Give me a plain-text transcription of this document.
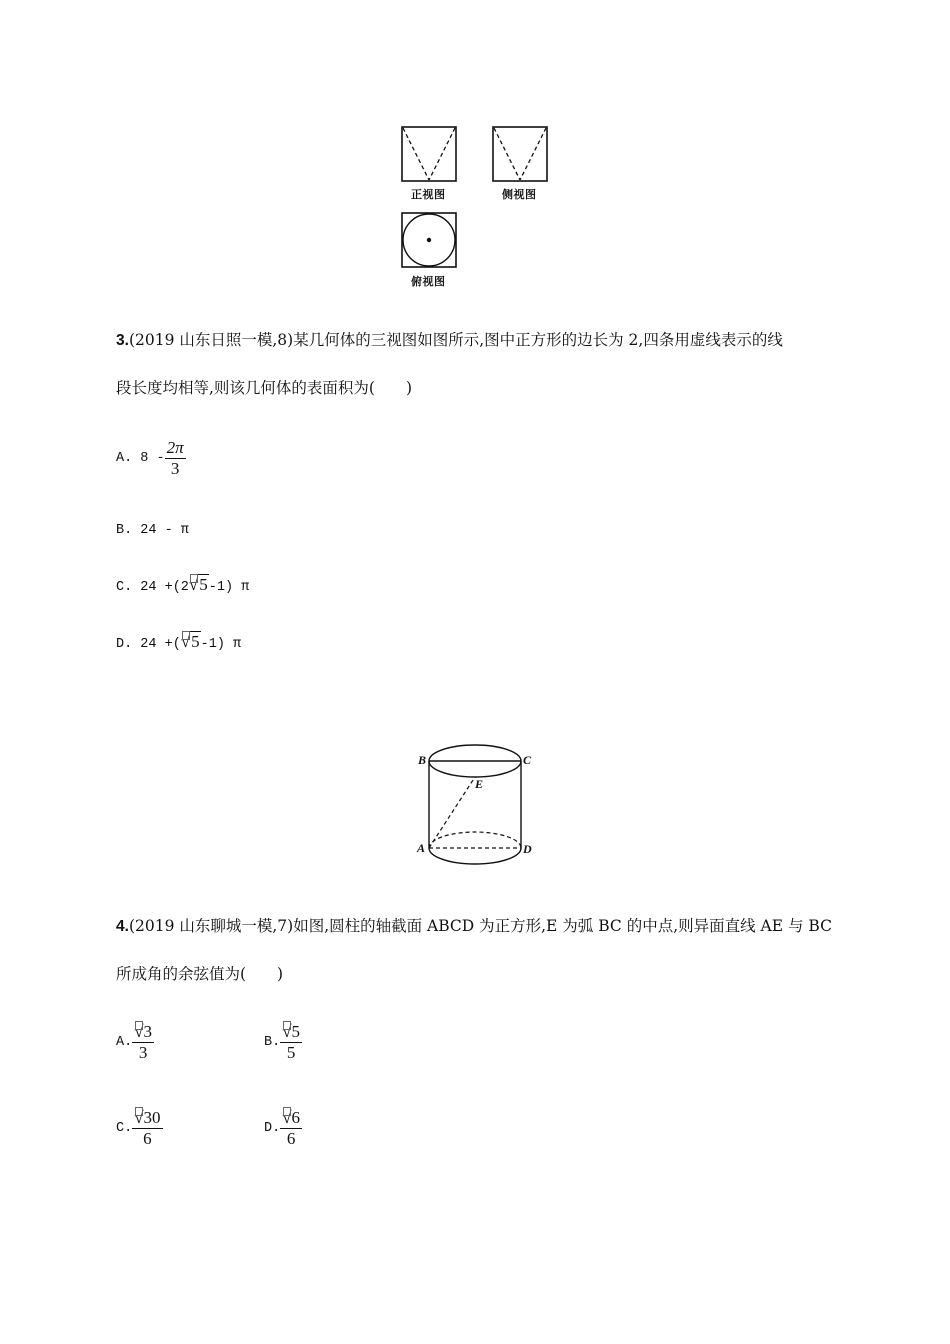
正视图	侧视图
俯视图
3.(2019 山东日照一模,8)某几何体的三视图如图所示,图中正方形的边长为 2,四条用虚线表示的线
段长度均相等,则该几何体的表面积为(　　)
A. $8 - \frac{2\pi}{3}$
B. 24 - π
C. 24 +(2
√5-1) π
D. 24 +(
√5-1) π
B	C
E
A	D
4.(2019 山东聊城一模,7)如图,圆柱的轴截面 ABCD 为正方形,E 为弧 BC 的中点,则异面直线 AE 与 BC
所成角的余弦值为(　　)
A. $\frac{√3}{3}$	B. $\frac{√5}{5}$
C. $\frac{√30}{6}$	D. $\frac{√6}{6}$
